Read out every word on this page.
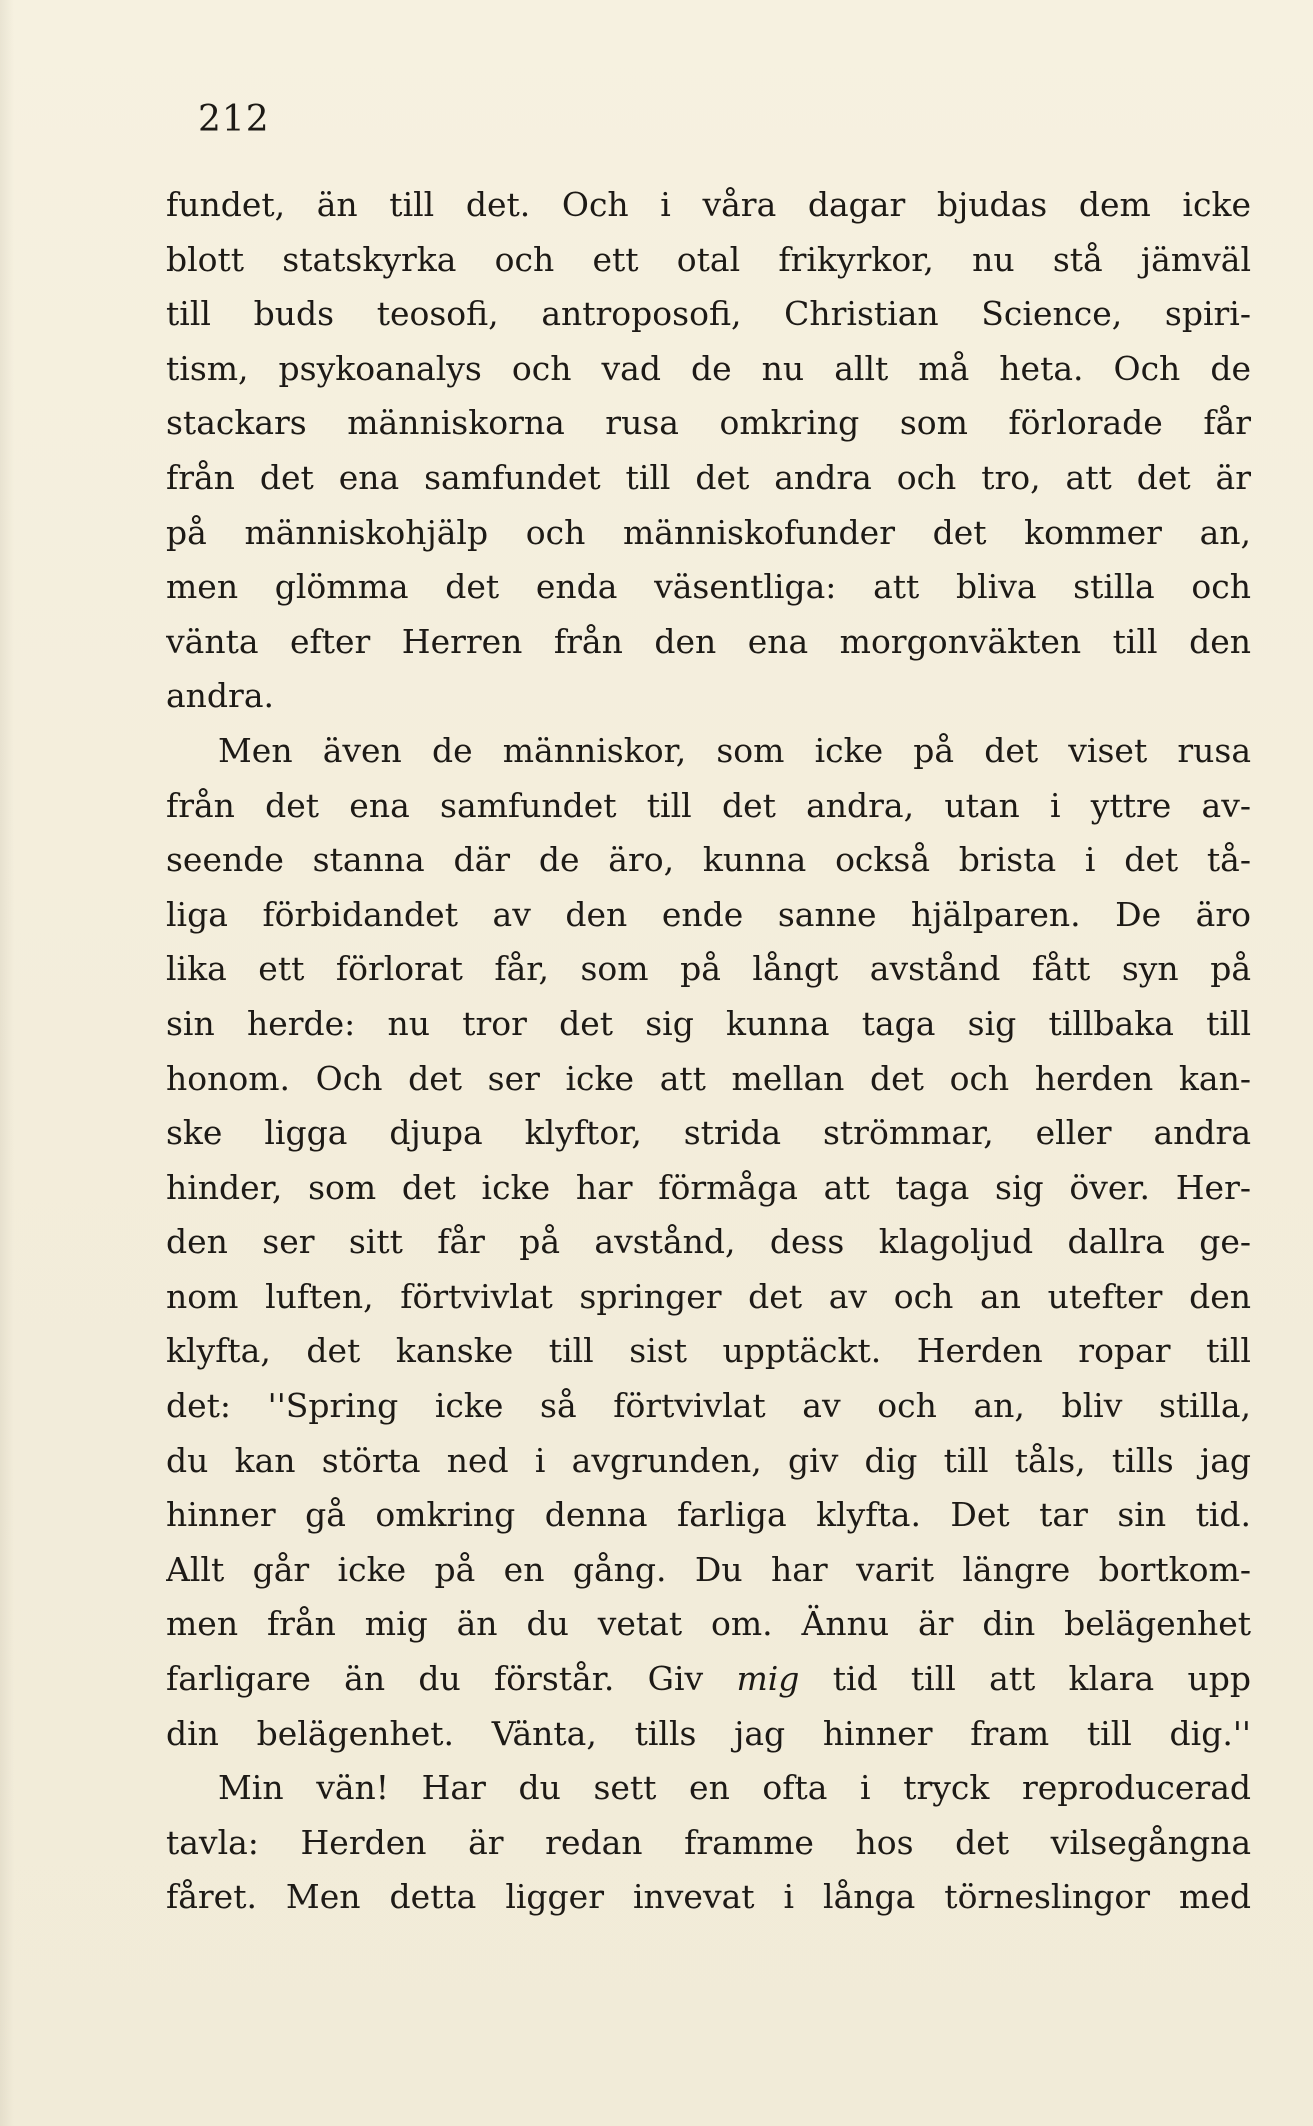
212
fundet, än till det. Och i våra dagar bjudas dem icke
blott statskyrka och ett otal frikyrkor, nu stå jämväl
till buds teosofi, antroposofi, Christian Science, spiri-
tism, psykoanalys och vad de nu allt må heta. Och de
stackars människorna rusa omkring som förlorade får
från det ena samfundet till det andra och tro, att det är
på människohjälp och människofunder det kommer an,
men glömma det enda väsentliga: att bliva stilla och
vänta efter Herren från den ena morgonväkten till den
andra.
Men även de människor, som icke på det viset rusa
från det ena samfundet till det andra, utan i yttre av-
seende stanna där de äro, kunna också brista i det tå-
liga förbidandet av den ende sanne hjälparen. De äro
lika ett förlorat får, som på långt avstånd fått syn på
sin herde: nu tror det sig kunna taga sig tillbaka till
honom. Och det ser icke att mellan det och herden kan-
ske ligga djupa klyftor, strida strömmar, eller andra
hinder, som det icke har förmåga att taga sig över. Her-
den ser sitt får på avstånd, dess klagoljud dallra ge-
nom luften, förtvivlat springer det av och an utefter den
klyfta, det kanske till sist upptäckt. Herden ropar till
det: ''Spring icke så förtvivlat av och an, bliv stilla,
du kan störta ned i avgrunden, giv dig till tåls, tills jag
hinner gå omkring denna farliga klyfta. Det tar sin tid.
Allt går icke på en gång. Du har varit längre bortkom-
men från mig än du vetat om. Ännu är din belägenhet
farligare än du förstår. Giv mig tid till att klara upp
din belägenhet. Vänta, tills jag hinner fram till dig.''
Min vän! Har du sett en ofta i tryck reproducerad
tavla: Herden är redan framme hos det vilsegångna
fåret. Men detta ligger invevat i långa törneslingor med
